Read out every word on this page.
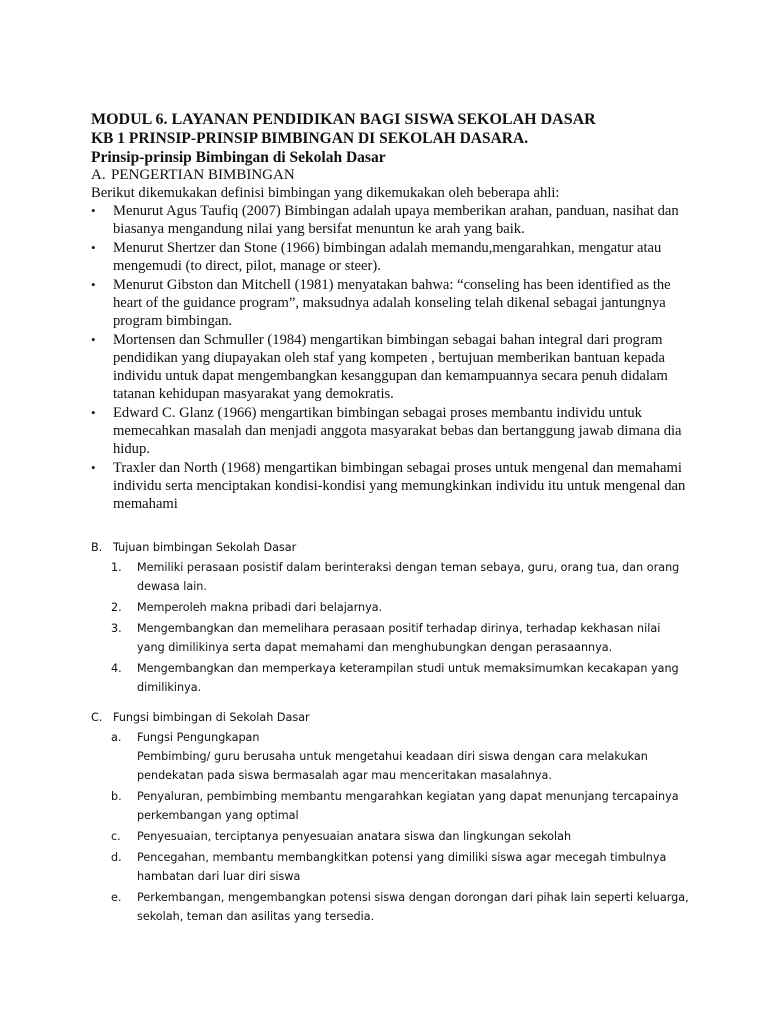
MODUL 6. LAYANAN PENDIDIKAN BAGI SISWA SEKOLAH DASAR

KB 1 PRINSIP-PRINSIP BIMBINGAN DI SEKOLAH DASARA.

Prinsip-prinsip Bimbingan di Sekolah Dasar

A. PENGERTIAN BIMBINGAN

Berikut dikemukakan definisi bimbingan yang dikemukakan oleh beberapa ahli:

• Menurut Agus Taufiq (2007) Bimbingan adalah upaya memberikan arahan, panduan, nasihat dan biasanya mengandung nilai yang bersifat menuntun ke arah yang baik.
• Menurut Shertzer dan Stone (1966) bimbingan adalah memandu,mengarahkan, mengatur atau mengemudi (to direct, pilot, manage or steer).
• Menurut Gibston dan Mitchell (1981) menyatakan bahwa: “conseling has been identified as the heart of the guidance program”, maksudnya adalah konseling telah dikenal sebagai jantungnya program bimbingan.
• Mortensen dan Schmuller (1984) mengartikan bimbingan sebagai bahan integral dari program pendidikan yang diupayakan oleh staf yang kompeten , bertujuan memberikan bantuan kepada individu untuk dapat mengembangkan kesanggupan dan kemampuannya secara penuh didalam tatanan kehidupan masyarakat yang demokratis.
• Edward C. Glanz (1966) mengartikan bimbingan sebagai proses membantu individu untuk memecahkan masalah dan menjadi anggota masyarakat bebas dan bertanggung jawab dimana dia hidup.
• Traxler dan North (1968) mengartikan bimbingan sebagai proses untuk mengenal dan memahami individu serta menciptakan kondisi-kondisi yang memungkinkan individu itu untuk mengenal dan memahami

B. Tujuan bimbingan Sekolah Dasar

1. Memiliki perasaan posistif dalam berinteraksi dengan teman sebaya, guru, orang tua, dan orang dewasa lain.
2. Memperoleh makna pribadi dari belajarnya.
3. Mengembangkan dan memelihara perasaan positif terhadap dirinya, terhadap kekhasan nilai yang dimilikinya serta dapat memahami dan menghubungkan dengan perasaannya.
4. Mengembangkan dan memperkaya keterampilan studi untuk memaksimumkan kecakapan yang dimilikinya.

C. Fungsi bimbingan di Sekolah Dasar

a. Fungsi Pengungkapan
Pembimbing/ guru berusaha untuk mengetahui keadaan diri siswa dengan cara melakukan pendekatan pada siswa bermasalah agar mau menceritakan masalahnya.
b. Penyaluran, pembimbing membantu mengarahkan kegiatan yang dapat menunjang tercapainya perkembangan yang optimal
c. Penyesuaian, terciptanya penyesuaian anatara siswa dan lingkungan sekolah
d. Pencegahan, membantu membangkitkan potensi yang dimiliki siswa agar mecegah timbulnya hambatan dari luar diri siswa
e. Perkembangan, mengembangkan potensi siswa dengan dorongan dari pihak lain seperti keluarga, sekolah, teman dan asilitas yang tersedia.
